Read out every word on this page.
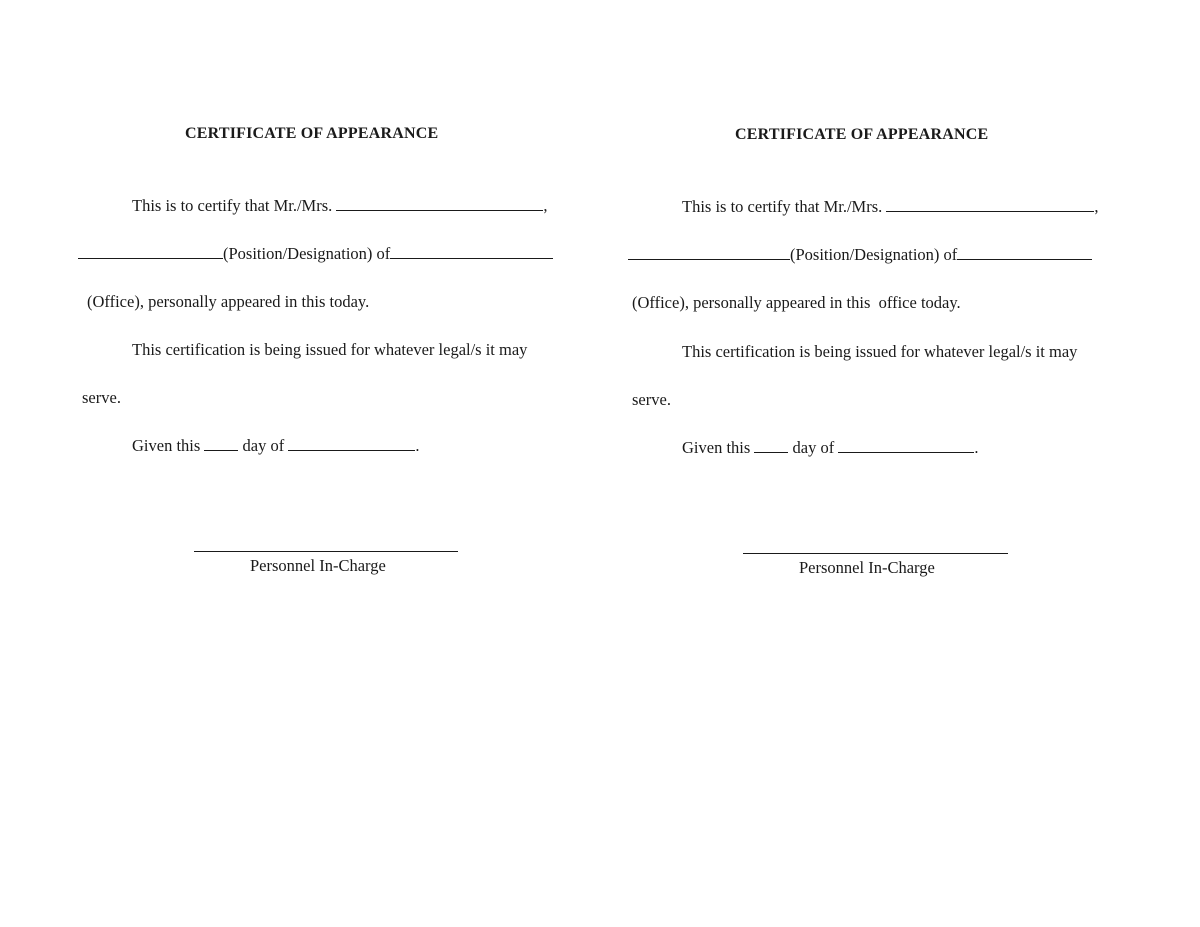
CERTIFICATE OF APPEARANCE
This is to certify that Mr./Mrs.	,
(Position/Designation) of
(Office), personally appeared in this today.
This certification is being issued for whatever legal/s it may
serve.
Given this	day of	.
Personnel In-Charge
CERTIFICATE OF APPEARANCE
This is to certify that Mr./Mrs.	,
(Position/Designation) of
(Office), personally appeared in this  office today.
This certification is being issued for whatever legal/s it may
serve.
Given this	day of	.
Personnel In-Charge
